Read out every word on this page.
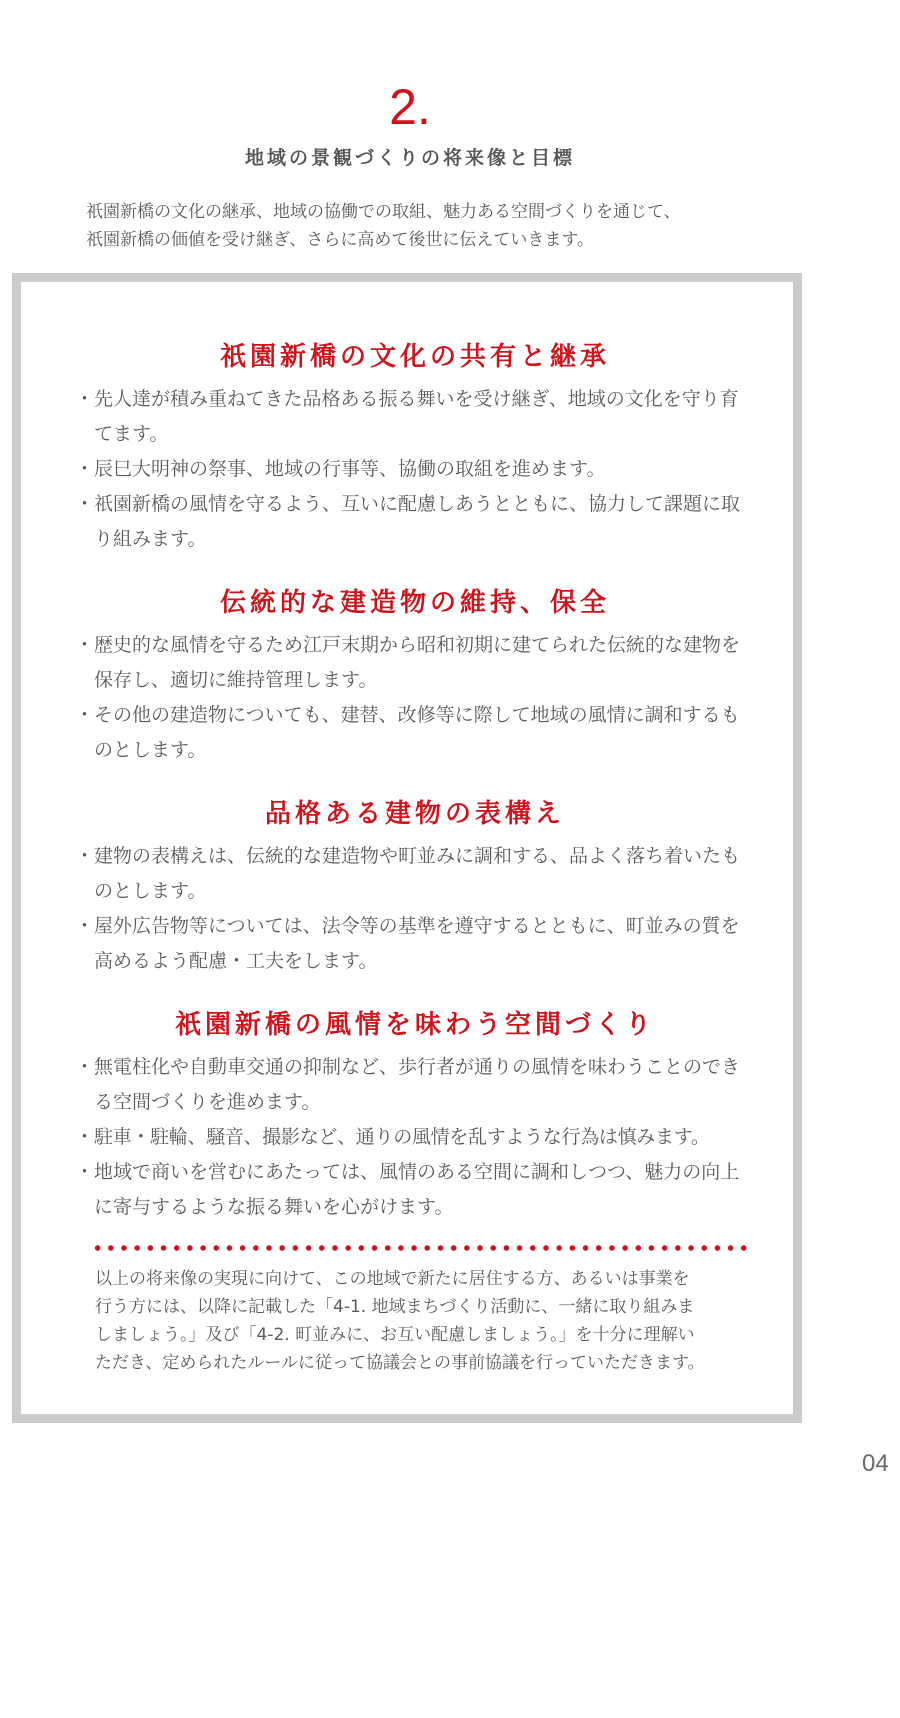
2.
地域の景観づくりの将来像と目標

祇園新橋の文化の継承、地域の協働での取組、魅力ある空間づくりを通じて、

祇園新橋の価値を受け継ぎ、さらに高めて後世に伝えていきます。

祇園新橋の文化の共有と継承
・ 先人達が積み重ねてきた品格ある振る舞いを受け継ぎ、地域の文化を守り育てます。
・ 辰巳大明神の祭事、地域の行事等、協働の取組を進めます。
・ 祇園新橋の風情を守るよう、互いに配慮しあうとともに、協力して課題に取り組みます。
伝統的な建造物の維持、保全
・ 歴史的な風情を守るため江戸末期から昭和初期に建てられた伝統的な建物を保存し、適切に維持管理します。
・ その他の建造物についても、建替、改修等に際して地域の風情に調和するものとします。
品格ある建物の表構え
・ 建物の表構えは、伝統的な建造物や町並みに調和する、品よく落ち着いたものとします。
・ 屋外広告物等については、法令等の基準を遵守するとともに、町並みの質を高めるよう配慮・工夫をします。
祇園新橋の風情を味わう空間づくり
・ 無電柱化や自動車交通の抑制など、歩行者が通りの風情を味わうことのできる空間づくりを進めます。
・ 駐車・駐輪、騒音、撮影など、通りの風情を乱すような行為は慎みます。
・ 地域で商いを営むにあたっては、風情のある空間に調和しつつ、魅力の向上に寄与するような振る舞いを心がけます。

以上の将来像の実現に向けて、この地域で新たに居住する方、あるいは事業を

行う方には、以降に記載した「4-1. 地域まちづくり活動に、一緒に取り組みま

しましょう。」及び「4-2. 町並みに、お互い配慮しましょう。」を十分に理解い

ただき、定められたルールに従って協議会との事前協議を行っていただきます。

04
